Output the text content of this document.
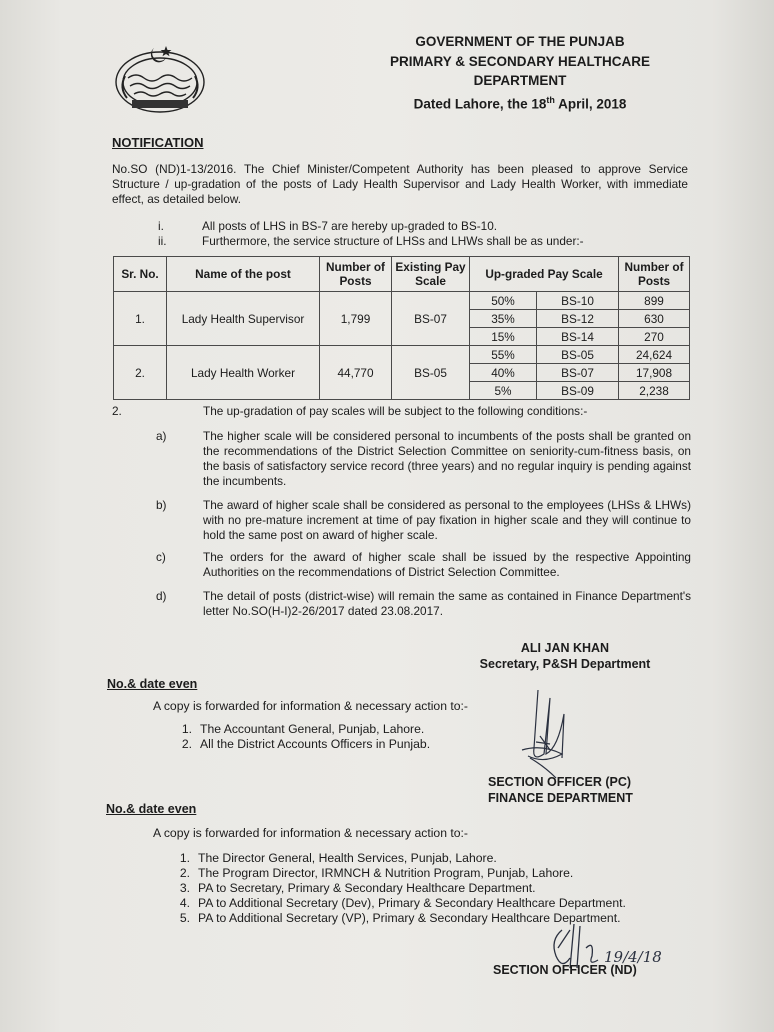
GOVERNMENT OF THE PUNJAB
PRIMARY & SECONDARY HEALTHCARE
DEPARTMENT
Dated Lahore, the 18th April, 2018
NOTIFICATION
No.SO (ND)1-13/2016. The Chief Minister/Competent Authority has been pleased to approve Service Structure / up-gradation of the posts of Lady Health Supervisor and Lady Health Worker, with immediate effect, as detailed below.
i.	All posts of LHS in BS-7 are hereby up-graded to BS-10.
ii.	Furthermore, the service structure of LHSs and LHWs shall be as under:-
Sr. No.	Name of the post	Number of Posts	Existing Pay Scale	Up-graded Pay Scale		Number of Posts
1.	Lady Health Supervisor	1,799	BS-07	50%	BS-10	899
				35%	BS-12	630
				15%	BS-14	270
2.	Lady Health Worker	44,770	BS-05	55%	BS-05	24,624
				40%	BS-07	17,908
				5%	BS-09	2,238
2.	The up-gradation of pay scales will be subject to the following conditions:-
a)	The higher scale will be considered personal to incumbents of the posts shall be granted on the recommendations of the District Selection Committee on seniority-cum-fitness basis, on the basis of satisfactory service record (three years) and no regular inquiry is pending against the incumbents.
b)	The award of higher scale shall be considered as personal to the employees (LHSs & LHWs) with no pre-mature increment at time of pay fixation in higher scale and they will continue to hold the same post on award of higher scale.
c)	The orders for the award of higher scale shall be issued by the respective Appointing Authorities on the recommendations of District Selection Committee.
d)	The detail of posts (district-wise) will remain the same as contained in Finance Department's letter No.SO(H-I)2-26/2017 dated 23.08.2017.
ALI JAN KHAN
Secretary, P&SH Department
No.& date even
A copy is forwarded for information & necessary action to:-
1. The Accountant General, Punjab, Lahore.
2. All the District Accounts Officers in Punjab.
SECTION OFFICER (PC)
FINANCE DEPARTMENT
No.& date even
A copy is forwarded for information & necessary action to:-
1. The Director General, Health Services, Punjab, Lahore.
2. The Program Director, IRMNCH & Nutrition Program, Punjab, Lahore.
3. PA to Secretary, Primary & Secondary Healthcare Department.
4. PA to Additional Secretary (Dev), Primary & Secondary Healthcare Department.
5. PA to Additional Secretary (VP), Primary & Secondary Healthcare Department.
19/4/18
SECTION OFFICER (ND)
